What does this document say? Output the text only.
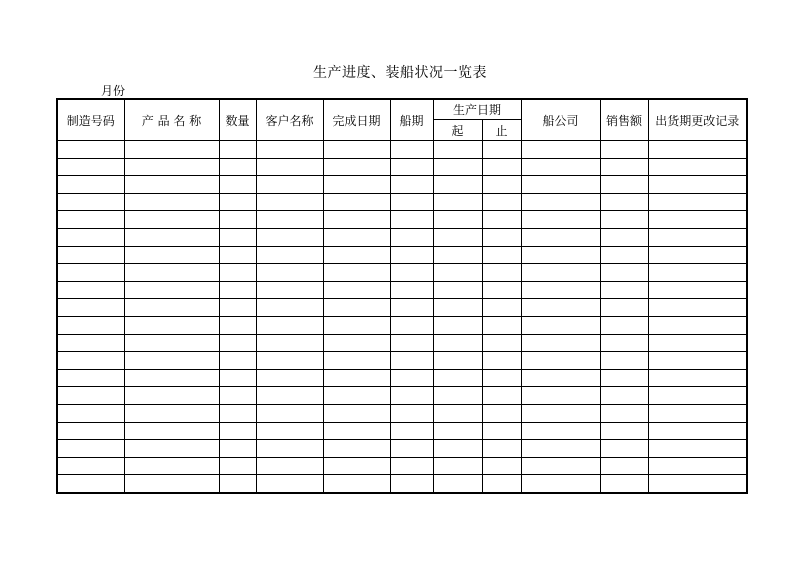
生产进度、装船状况一览表
月份
制造号码	产 品 名 称	数量	客户名称	完成日期	船期	生产日期		船公司	销售额	出货期更改记录
						起	止			
